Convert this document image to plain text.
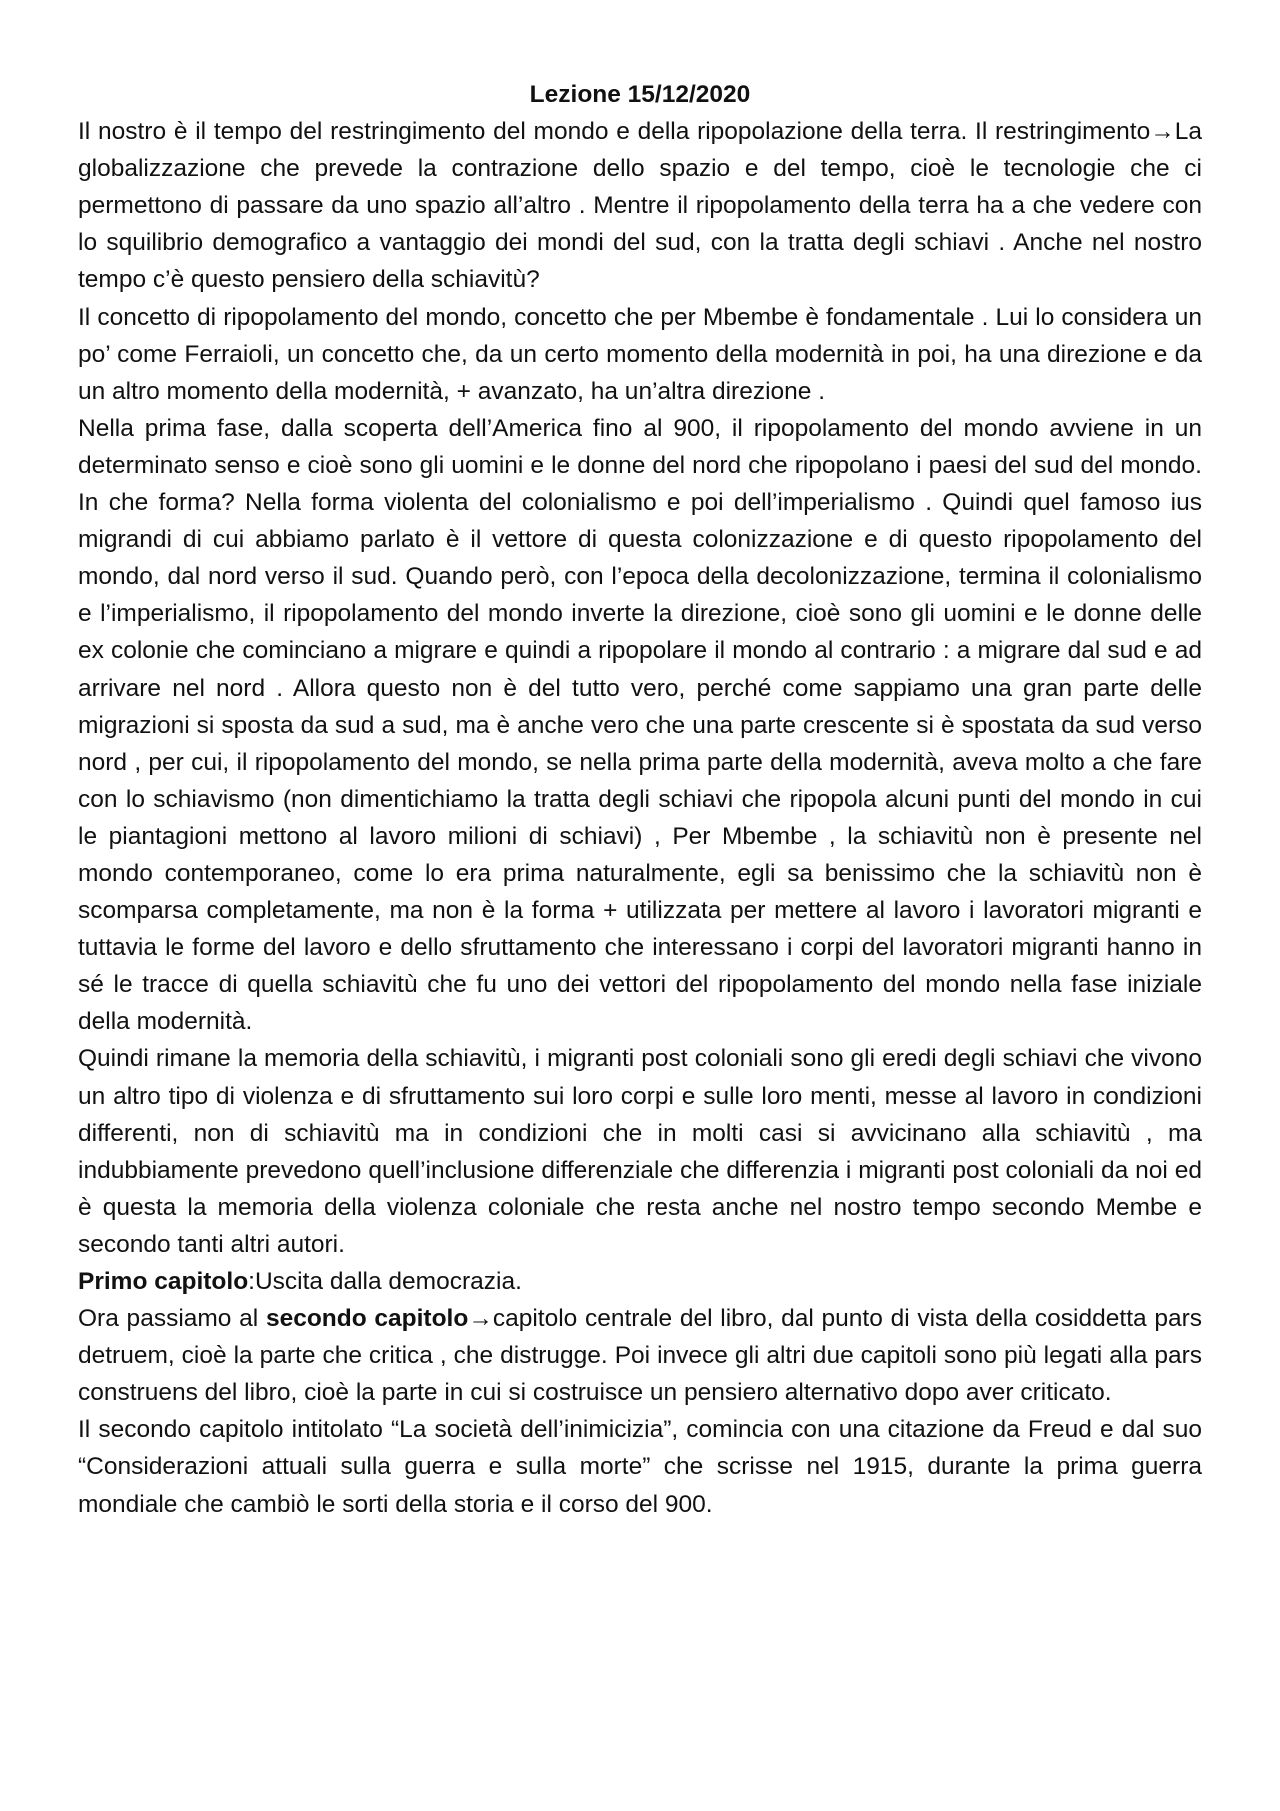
Lezione 15/12/2020

Il nostro è il tempo del restringimento del mondo e della ripopolazione della terra. Il restringimento→La globalizzazione che prevede la contrazione dello spazio e del tempo, cioè le tecnologie che ci permettono di passare da uno spazio all’altro . Mentre il ripopolamento della terra ha a che vedere con lo squilibrio demografico a vantaggio dei mondi del sud, con la tratta degli schiavi . Anche nel nostro tempo c’è questo pensiero della schiavitù?

Il concetto di ripopolamento del mondo, concetto che per Mbembe è fondamentale . Lui lo considera un po’ come Ferraioli, un concetto che, da un certo momento della modernità in poi, ha una direzione e da un altro momento della modernità, + avanzato, ha un’altra direzione .

Nella prima fase, dalla scoperta dell’America fino al 900, il ripopolamento del mondo avviene in un determinato senso e cioè sono gli uomini e le donne del nord che ripopolano i paesi del sud del mondo. In che forma? Nella forma violenta del colonialismo e poi dell’imperialismo . Quindi quel famoso ius migrandi di cui abbiamo parlato è il vettore di questa colonizzazione e di questo ripopolamento del mondo, dal nord verso il sud. Quando però, con l’epoca della decolonizzazione, termina il colonialismo e l’imperialismo, il ripopolamento del mondo inverte la direzione, cioè sono gli uomini e le donne delle ex colonie che cominciano a migrare e quindi a ripopolare il mondo al contrario : a migrare dal sud e ad arrivare nel nord . Allora questo non è del tutto vero, perché come sappiamo una gran parte delle migrazioni si sposta da sud a sud, ma è anche vero che una parte crescente si è spostata da sud verso nord , per cui, il ripopolamento del mondo, se nella prima parte della modernità, aveva molto a che fare con lo schiavismo (non dimentichiamo la tratta degli schiavi che ripopola alcuni punti del mondo in cui le piantagioni mettono al lavoro milioni di schiavi) , Per Mbembe , la schiavitù non è presente nel mondo contemporaneo, come lo era prima naturalmente, egli sa benissimo che la schiavitù non è scomparsa completamente, ma non è la forma + utilizzata per mettere al lavoro i lavoratori migranti e tuttavia le forme del lavoro e dello sfruttamento che interessano i corpi del lavoratori migranti hanno in sé le tracce di quella schiavitù che fu uno dei vettori del ripopolamento del mondo nella fase iniziale della modernità.

Quindi rimane la memoria della schiavitù, i migranti post coloniali sono gli eredi degli schiavi che vivono un altro tipo di violenza e di sfruttamento sui loro corpi e sulle loro menti, messe al lavoro in condizioni differenti, non di schiavitù ma in condizioni che in molti casi si avvicinano alla schiavitù , ma indubbiamente prevedono quell’inclusione differenziale che differenzia i migranti post coloniali da noi ed è questa la memoria della violenza coloniale che resta anche nel nostro tempo secondo Membe e secondo tanti altri autori.

Primo capitolo:Uscita dalla democrazia.

Ora passiamo al secondo capitolo→capitolo centrale del libro, dal punto di vista della cosiddetta pars detruem, cioè la parte che critica , che distrugge. Poi invece gli altri due capitoli sono più legati alla pars construens del libro, cioè la parte in cui si costruisce un pensiero alternativo dopo aver criticato.

Il secondo capitolo intitolato “La società dell’inimicizia”, comincia con una citazione da Freud e dal suo “Considerazioni attuali sulla guerra e sulla morte” che scrisse nel 1915, durante la prima guerra mondiale che cambiò le sorti della storia e il corso del 900.
